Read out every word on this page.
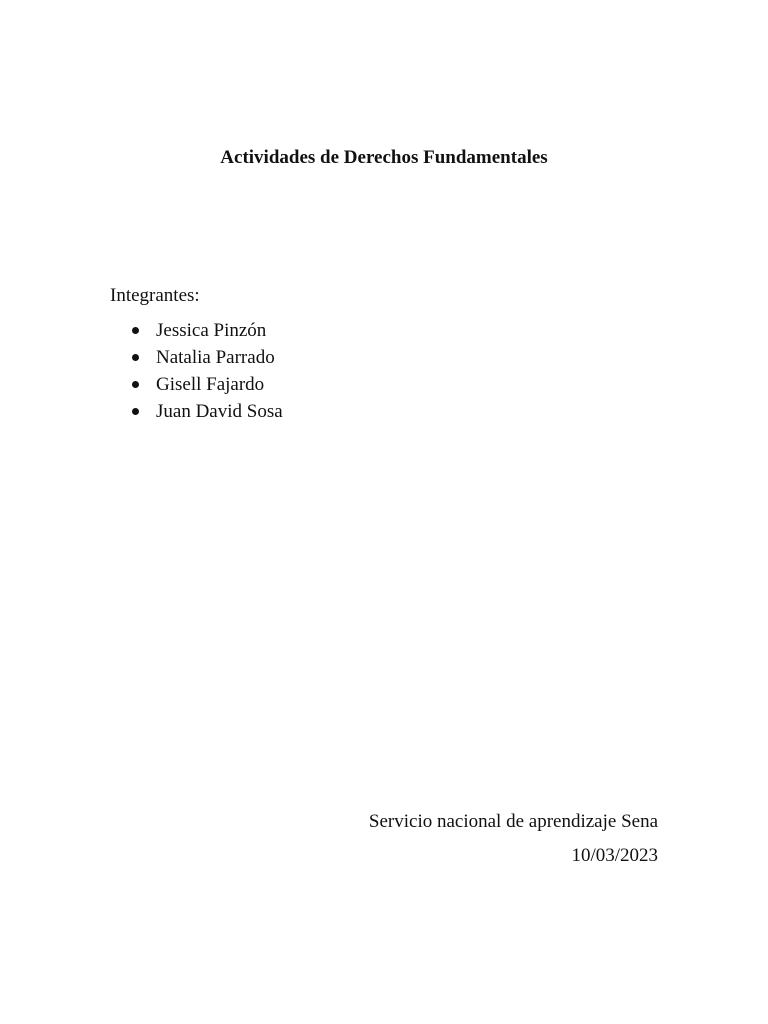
Actividades de Derechos Fundamentales
Integrantes:
Jessica Pinzón
Natalia Parrado
Gisell Fajardo
Juan David Sosa
Servicio nacional de aprendizaje Sena
10/03/2023
